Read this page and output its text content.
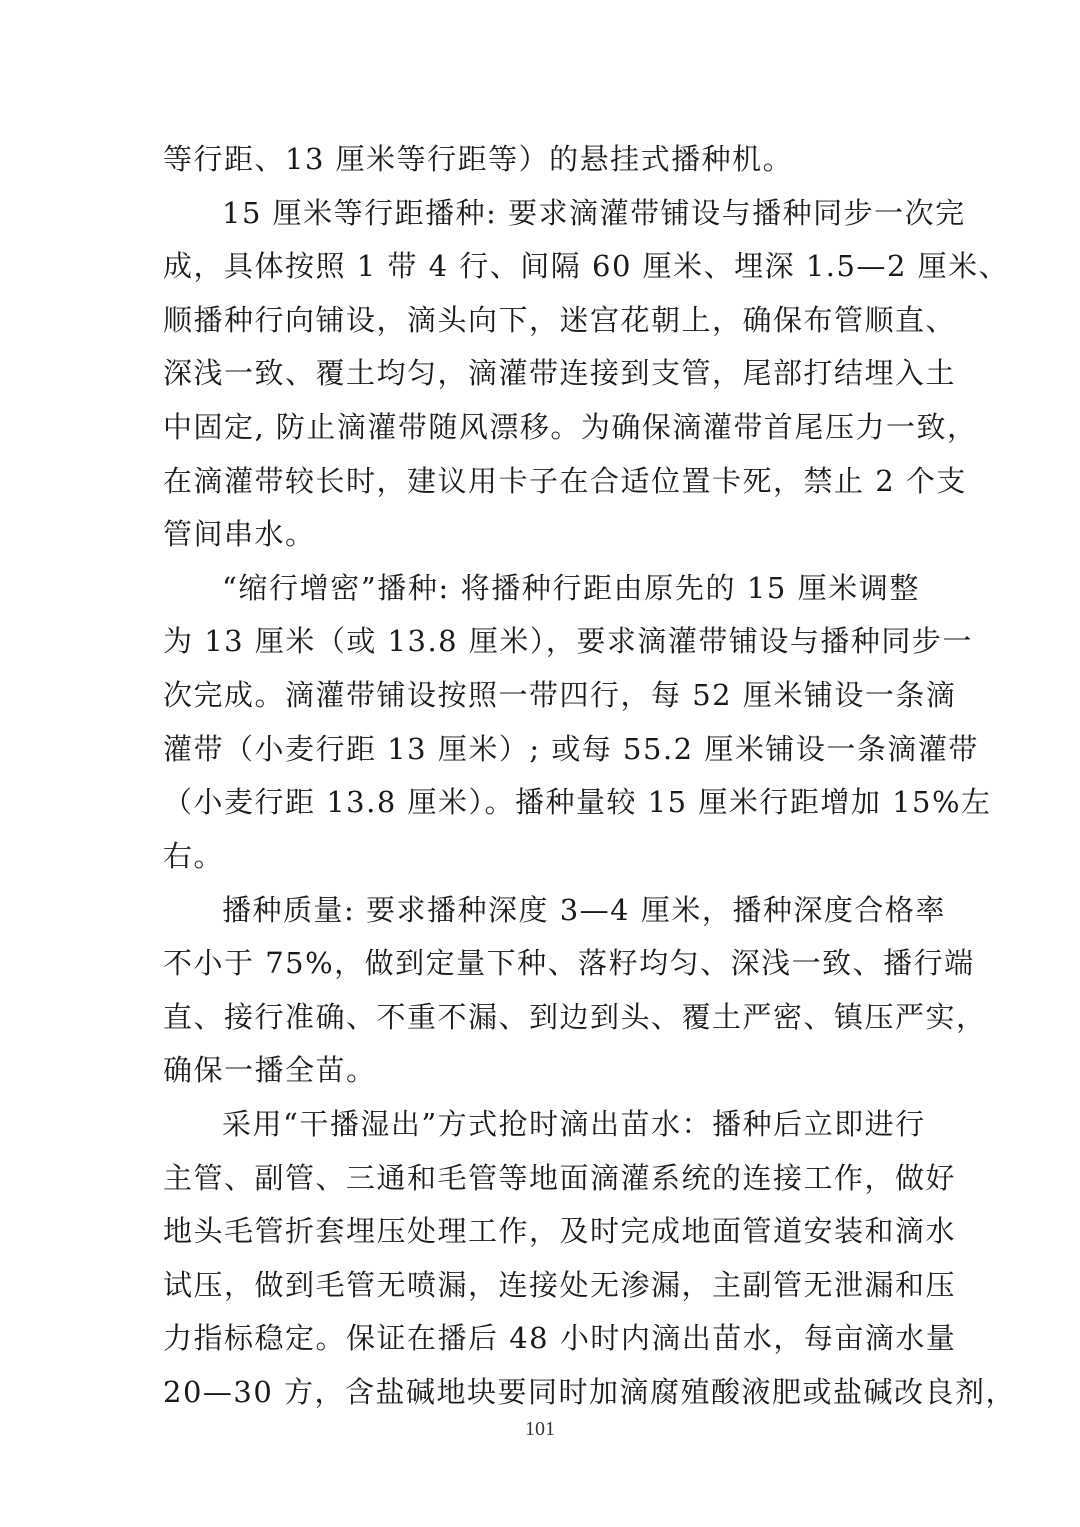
等行距、13 厘米等行距等）的悬挂式播种机。
15 厘米等行距播种: 要求滴灌带铺设与播种同步一次完
成，具体按照 1 带 4 行、间隔 60 厘米、埋深 1.5—2 厘米、
顺播种行向铺设，滴头向下，迷宫花朝上，确保布管顺直、
深浅一致、覆土均匀，滴灌带连接到支管，尾部打结埋入土
中固定, 防止滴灌带随风漂移。为确保滴灌带首尾压力一致，
在滴灌带较长时，建议用卡子在合适位置卡死，禁止 2 个支
管间串水。
“缩行增密”播种: 将播种行距由原先的 15 厘米调整
为 13 厘米（或 13.8 厘米），要求滴灌带铺设与播种同步一
次完成。滴灌带铺设按照一带四行，每 52 厘米铺设一条滴
灌带（小麦行距 13 厘米）; 或每 55.2 厘米铺设一条滴灌带
（小麦行距 13.8 厘米）。播种量较 15 厘米行距增加 15%左
右。
播种质量: 要求播种深度 3—4 厘米，播种深度合格率
不小于 75%，做到定量下种、落籽均匀、深浅一致、播行端
直、接行准确、不重不漏、到边到头、覆土严密、镇压严实，
确保一播全苗。
采用“干播湿出”方式抢时滴出苗水：播种后立即进行
主管、副管、三通和毛管等地面滴灌系统的连接工作，做好
地头毛管折套埋压处理工作，及时完成地面管道安装和滴水
试压，做到毛管无喷漏，连接处无渗漏，主副管无泄漏和压
力指标稳定。保证在播后 48 小时内滴出苗水，每亩滴水量
20—30 方，含盐碱地块要同时加滴腐殖酸液肥或盐碱改良剂，
101
